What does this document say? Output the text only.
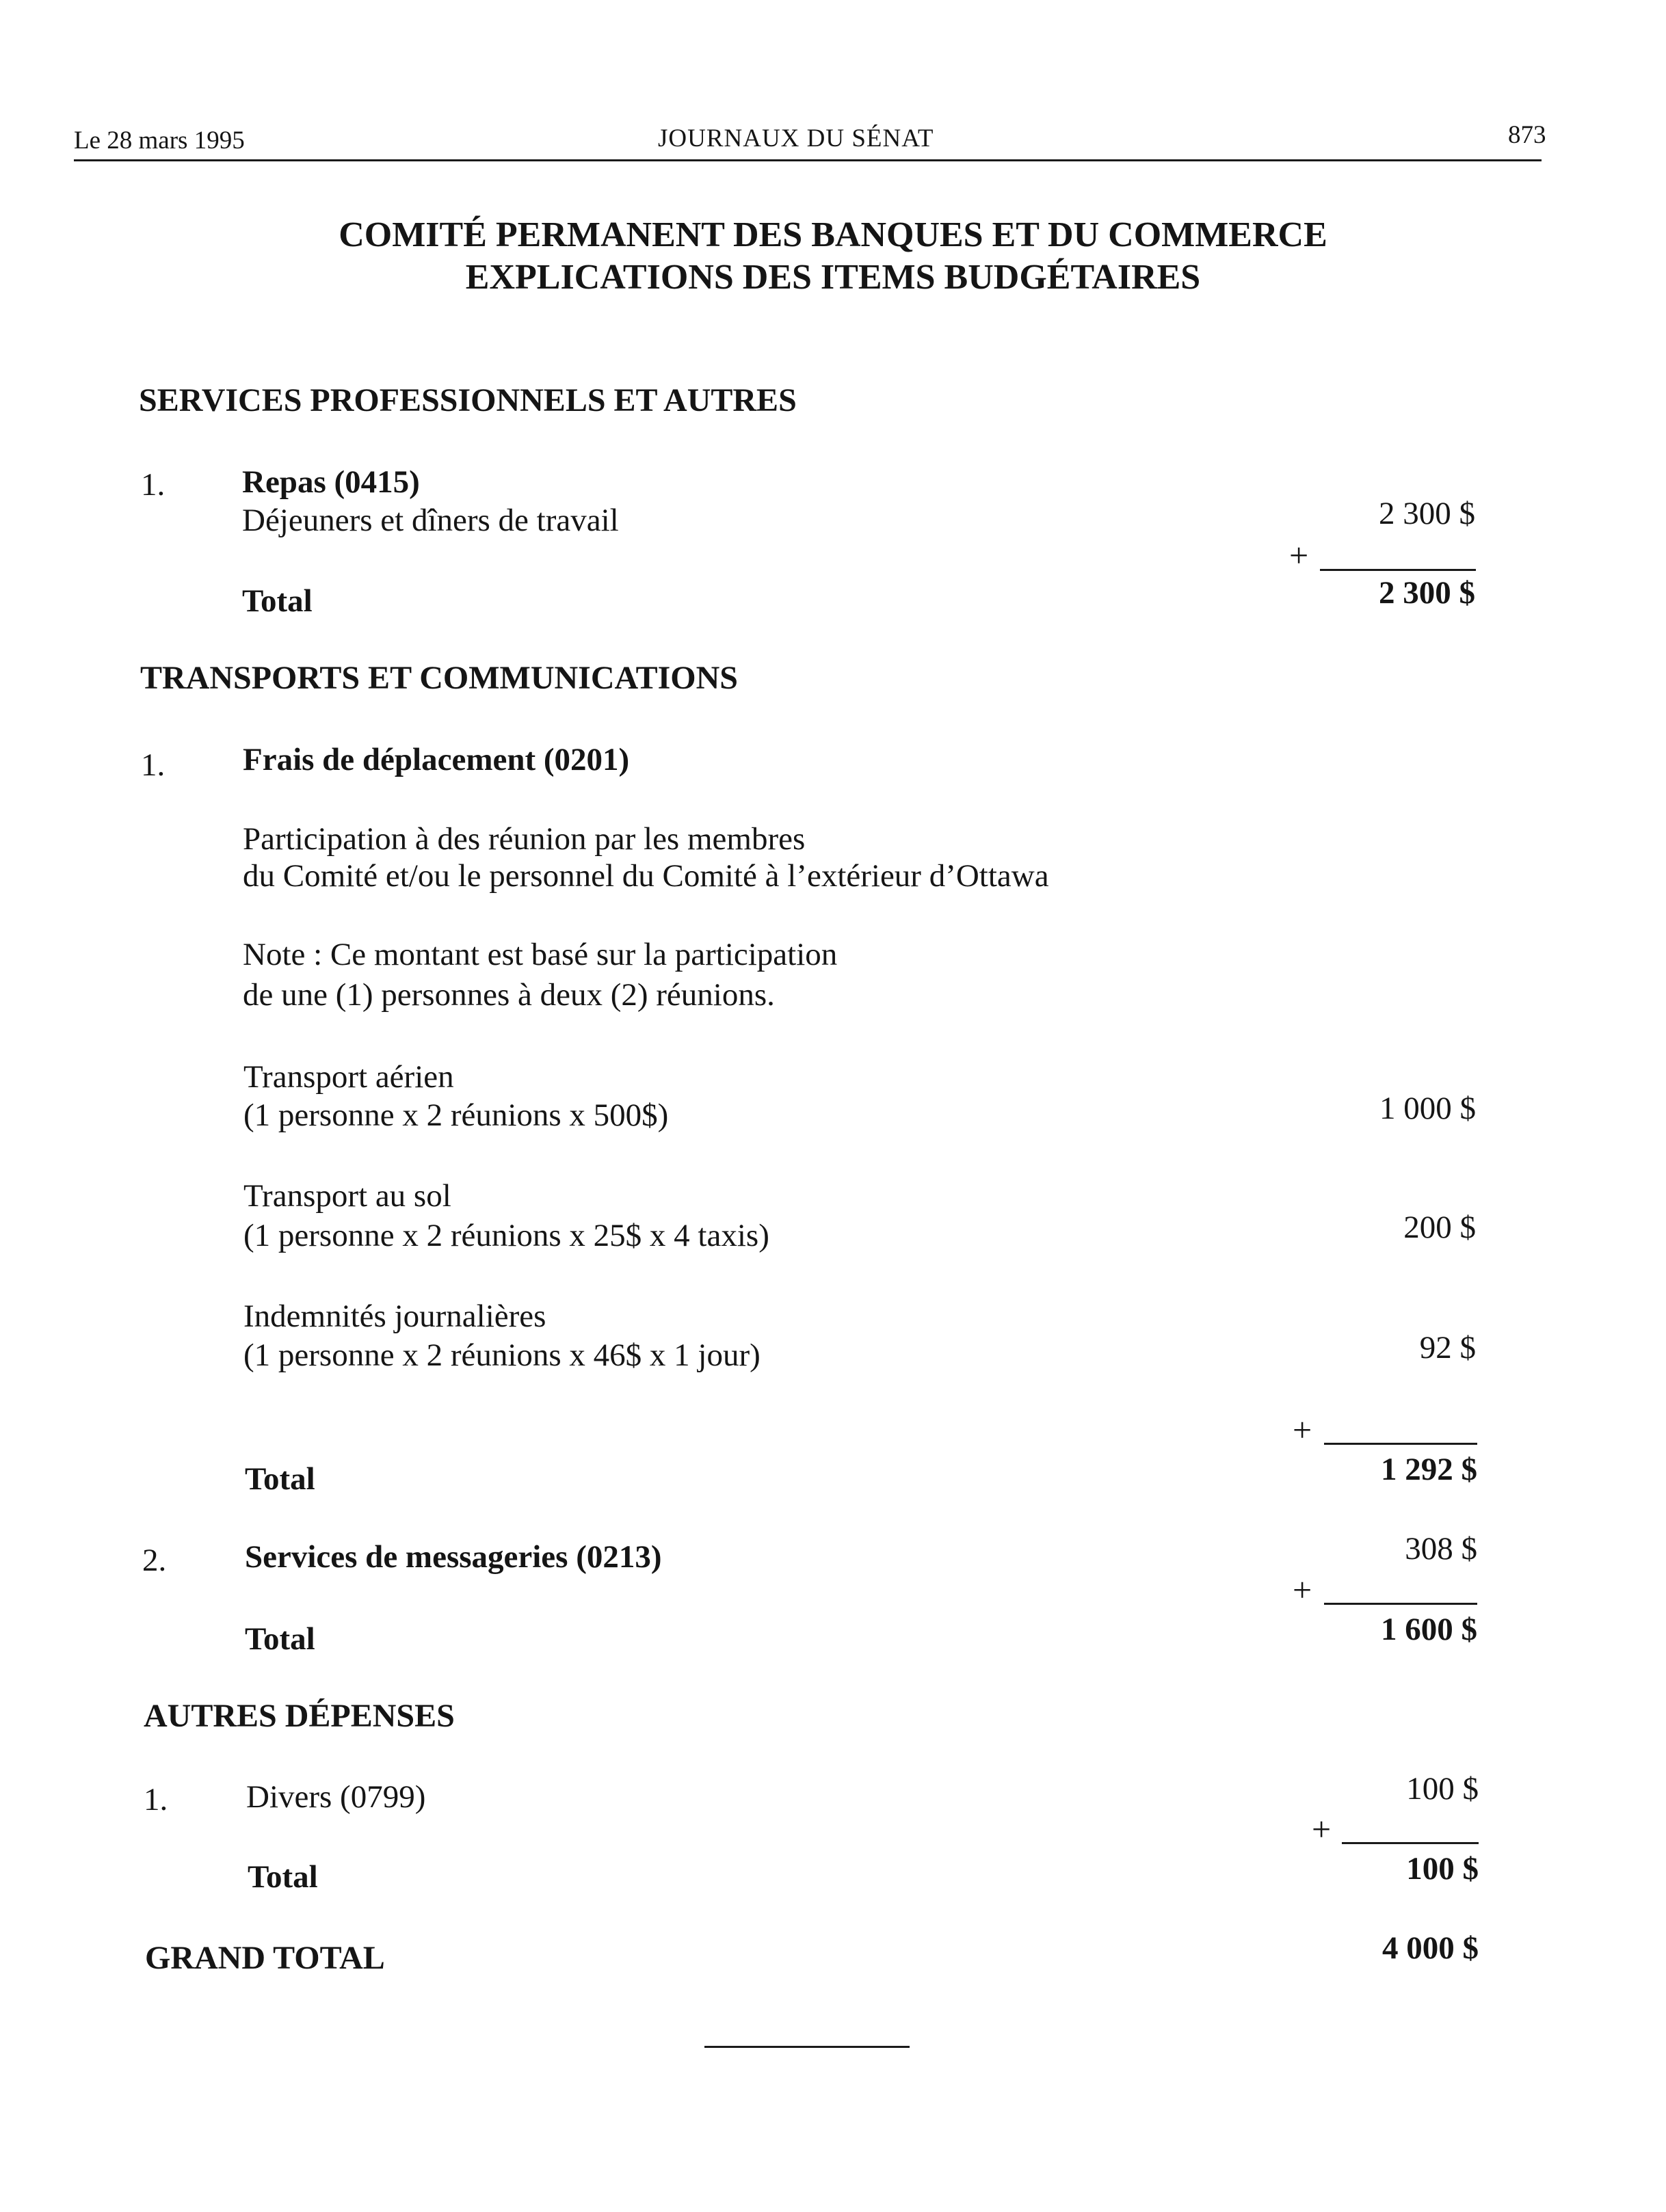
Le 28 mars 1995	JOURNAUX DU SÉNAT	873
COMITÉ PERMANENT DES BANQUES ET DU COMMERCE
EXPLICATIONS DES ITEMS BUDGÉTAIRES
SERVICES PROFESSIONNELS ET AUTRES
1. Repas (0415)
Déjeuners et dîners de travail	2 300 $
+
Total	2 300 $
TRANSPORTS ET COMMUNICATIONS
1. Frais de déplacement (0201)
Participation à des réunion par les membres
du Comité et/ou le personnel du Comité à l’extérieur d’Ottawa
Note : Ce montant est basé sur la participation
de une (1) personnes à deux (2) réunions.
Transport aérien
(1 personne x 2 réunions x 500$)	1 000 $
Transport au sol
(1 personne x 2 réunions x 25$ x 4 taxis)	200 $
Indemnités journalières
(1 personne x 2 réunions x 46$ x 1 jour)	92 $
+
Total	1 292 $
2. Services de messageries (0213)	308 $
+
Total	1 600 $
AUTRES DÉPENSES
1. Divers (0799)	100 $
+
Total	100 $
GRAND TOTAL	4 000 $
